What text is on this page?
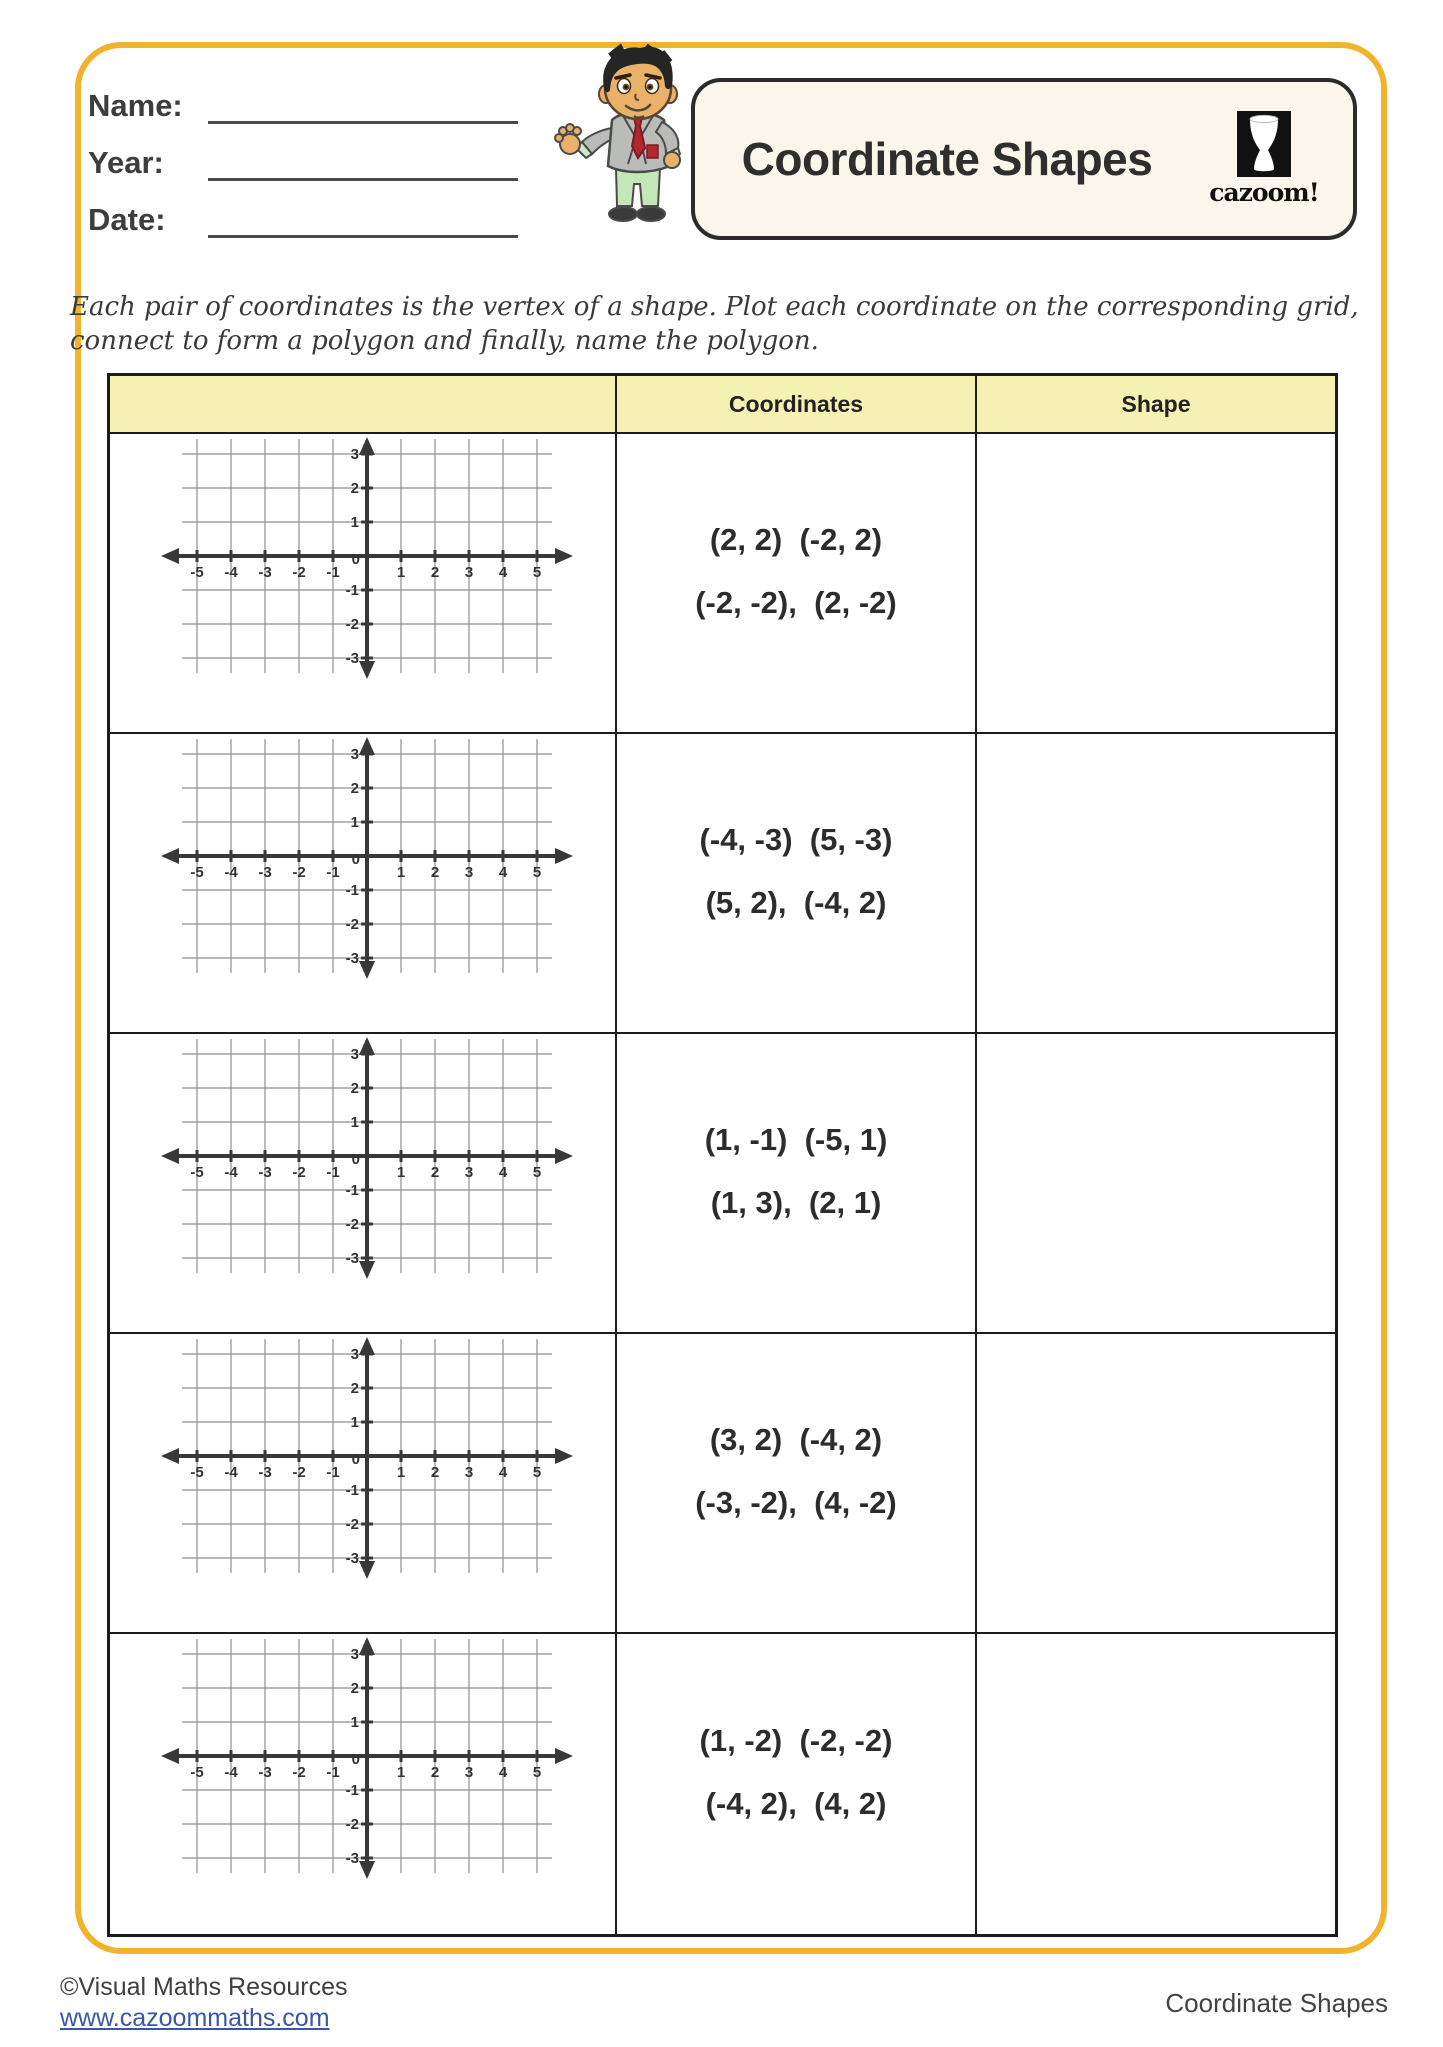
Name:
Year:
Date:
Coordinate Shapes
cazoom!
Each pair of coordinates is the vertex of a shape. Plot each coordinate on the corresponding grid,
connect to form a polygon and finally, name the polygon.
Coordinates	Shape
-5 -4 -3 -2 -1	1 2 3 4 5
3
2
1
-1
-2
-3
0
(2, 2)  (-2, 2)
(-2, -2),  (2, -2)
-5 -4 -3 -2 -1	1 2 3 4 5
3
2
1
-1
-2
-3
0
(-4, -3)  (5, -3)
(5, 2),  (-4, 2)
-5 -4 -3 -2 -1	1 2 3 4 5
3
2
1
-1
-2
-3
0
(1, -1)  (-5, 1)
(1, 3),  (2, 1)
-5 -4 -3 -2 -1	1 2 3 4 5
3
2
1
-1
-2
-3
0
(3, 2)  (-4, 2)
(-3, -2),  (4, -2)
-5 -4 -3 -2 -1	1 2 3 4 5
3
2
1
-1
-2
-3
0
(1, -2)  (-2, -2)
(-4, 2),  (4, 2)
©Visual Maths Resources
www.cazoommaths.com	Coordinate Shapes
